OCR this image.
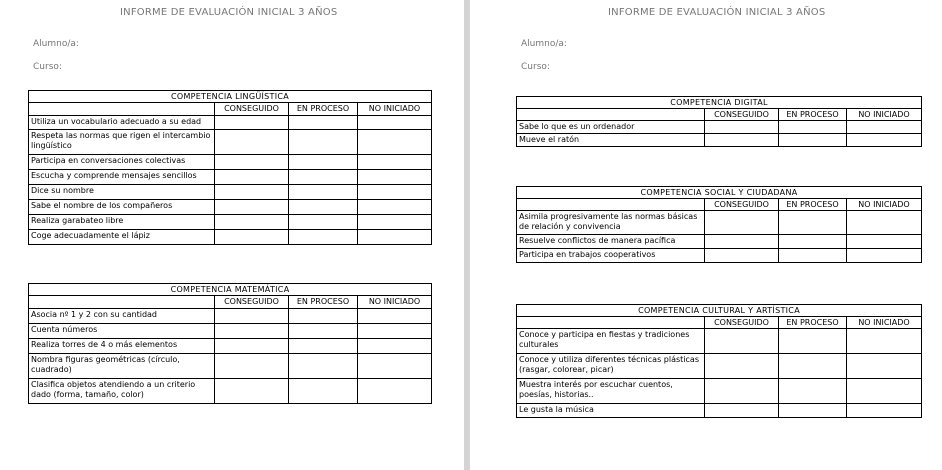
INFORME DE EVALUACIÓN INICIAL 3 AÑOS
Alumno/a:
Curso:
COMPETENCIA LINGÜÍSTICA			
	CONSEGUIDO	EN PROCESO	NO INICIADO
Utiliza un vocabulario adecuado a su edad			
Respeta las normas que rigen el intercambio lingüístico			
Participa en conversaciones colectivas			
Escucha y comprende mensajes sencillos			
Dice su nombre			
Sabe el nombre de los compañeros			
Realiza garabateo libre			
Coge adecuadamente el lápiz			
COMPETENCIA MATEMÁTICA			
	CONSEGUIDO	EN PROCESO	NO INICIADO
Asocia nº 1 y 2 con su cantidad			
Cuenta números			
Realiza torres de 4 o más elementos			
Nombra figuras geométricas (círculo, cuadrado)			
Clasifica objetos atendiendo a un criterio dado (forma, tamaño, color)			
INFORME DE EVALUACIÓN INICIAL 3 AÑOS
Alumno/a:
Curso:
COMPETENCIA DIGITAL			
	CONSEGUIDO	EN PROCESO	NO INICIADO
Sabe lo que es un ordenador			
Mueve el ratón			
COMPETENCIA SOCIAL Y CIUDADANA			
	CONSEGUIDO	EN PROCESO	NO INICIADO
Asimila progresivamente las normas básicas de relación y convivencia			
Resuelve conflictos de manera pacífica			
Participa en trabajos cooperativos			
COMPETENCIA CULTURAL Y ARTÍSTICA			
	CONSEGUIDO	EN PROCESO	NO INICIADO
Conoce y participa en fiestas y tradiciones culturales			
Conoce y utiliza diferentes técnicas plásticas (rasgar, colorear, picar)			
Muestra interés por escuchar cuentos, poesías, historias..			
Le gusta la música			
